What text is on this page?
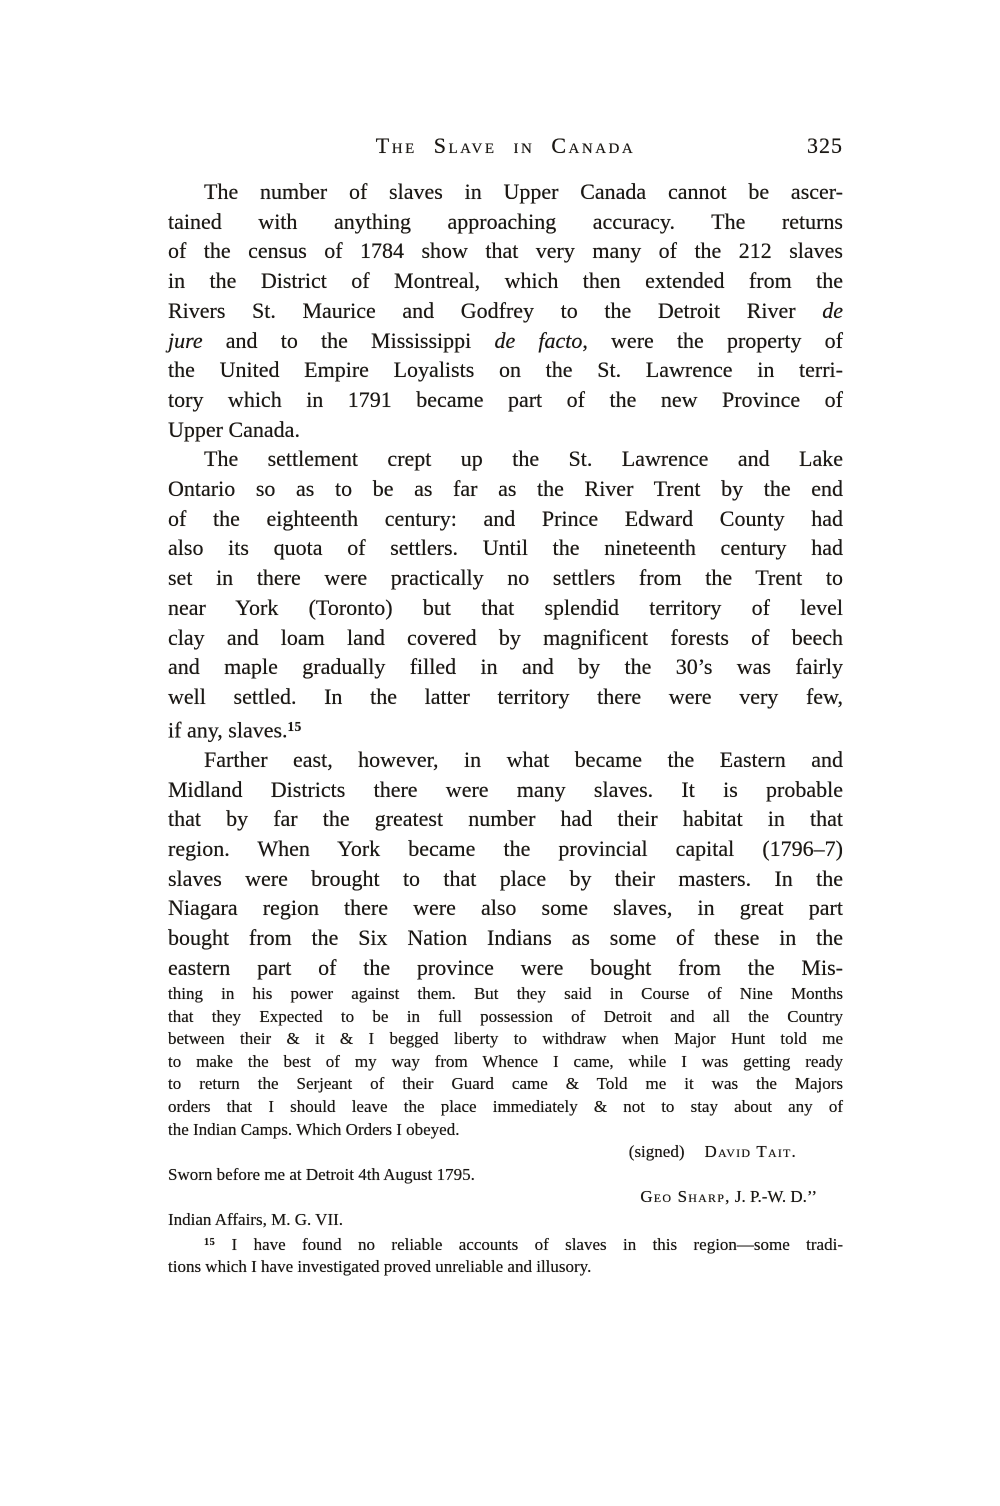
The Slave in Canada	325
The number of slaves in Upper Canada cannot be ascer-
tained with anything approaching accuracy. The returns
of the census of 1784 show that very many of the 212 slaves
in the District of Montreal, which then extended from the
Rivers St. Maurice and Godfrey to the Detroit River de
jure and to the Mississippi de facto, were the property of
the United Empire Loyalists on the St. Lawrence in terri-
tory which in 1791 became part of the new Province of
Upper Canada.
The settlement crept up the St. Lawrence and Lake
Ontario so as to be as far as the River Trent by the end
of the eighteenth century: and Prince Edward County had
also its quota of settlers. Until the nineteenth century had
set in there were practically no settlers from the Trent to
near York (Toronto) but that splendid territory of level
clay and loam land covered by magnificent forests of beech
and maple gradually filled in and by the 30’s was fairly
well settled. In the latter territory there were very few,
if any, slaves.$^{15}$
Farther east, however, in what became the Eastern and
Midland Districts there were many slaves. It is probable
that by far the greatest number had their habitat in that
region. When York became the provincial capital (1796–7)
slaves were brought to that place by their masters. In the
Niagara region there were also some slaves, in great part
bought from the Six Nation Indians as some of these in the
eastern part of the province were bought from the Mis-
thing in his power against them. But they said in Course of Nine Months
that they Expected to be in full possession of Detroit and all the Country
between their & it & I begged liberty to withdraw when Major Hunt told me
to make the best of my way from Whence I came, while I was getting ready
to return the Serjeant of their Guard came & Told me it was the Majors
orders that I should leave the place immediately & not to stay about any of
the Indian Camps. Which Orders I obeyed.
(signed) David Tait.
Sworn before me at Detroit 4th August 1795.
Geo Sharp, J. P.-W. D.’’
Indian Affairs, M. G. VII.
$^{15}$ I have found no reliable accounts of slaves in this region—some tradi-
tions which I have investigated proved unreliable and illusory.
